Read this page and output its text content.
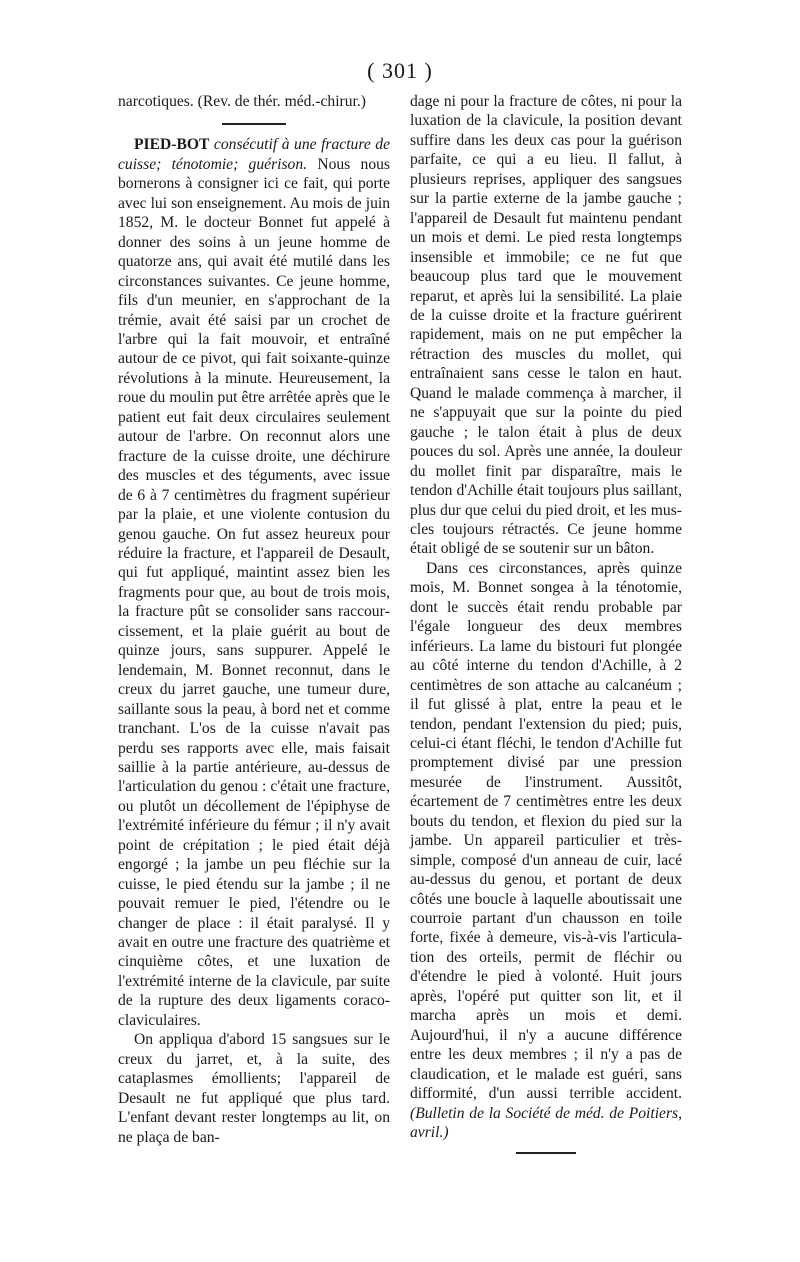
( 301 )

narcotiques. (Rev. de thér. méd.-chirur.)

PIED-BOT consécutif à une fracture de cuisse; ténotomie; guérison. Nous nous bornerons à consigner ici ce fait, qui porte avec lui son enseignement. Au mois de juin 1852, M. le docteur Bonnet fut appelé à donner des soins à un jeune homme de quatorze ans, qui avait été mutilé dans les circonstances suivantes. Ce jeune homme, fils d'un meunier, en s'approchant de la trémie, avait été saisi par un crochet de l'arbre qui la fait mouvoir, et entraîné autour de ce pivot, qui fait soixante-quinze révolutions à la minute. Heureusement, la roue du moulin put être arrêtée après que le patient eut fait deux circulaires seulement autour de l'arbre. On reconnut alors une fracture de la cuisse droite, une déchirure des muscles et des téguments, avec issue de 6 à 7 centimètres du fragment supérieur par la plaie, et une violente contusion du genou gauche. On fut assez heureux pour réduire la fracture, et l'appareil de Desault, qui fut appliqué, maintint assez bien les fragments pour que, au bout de trois mois, la fracture pût se consolider sans raccourcissement, et la plaie guérit au bout de quinze jours, sans suppurer. Appelé le lendemain, M. Bonnet reconnut, dans le creux du jarret gauche, une tumeur dure, saillante sous la peau, à bord net et comme tranchant. L'os de la cuisse n'avait pas perdu ses rapports avec elle, mais faisait saillie à la partie antérieure, au-dessus de l'articulation du genou : c'était une fracture, ou plutôt un décollement de l'épiphyse de l'extrémité inférieure du fémur ; il n'y avait point de crépitation ; le pied était déjà engorgé ; la jambe un peu fléchie sur la cuisse, le pied étendu sur la jambe ; il ne pouvait remuer le pied, l'étendre ou le changer de place : il était paralysé. Il y avait en outre une fracture des quatrième et cinquième côtes, et une luxation de l'extrémité interne de la clavicule, par suite de la rupture des deux ligaments coraco-claviculaires.

On appliqua d'abord 15 sangsues sur le creux du jarret, et, à la suite, des cataplasmes émollients; l'appareil de Desault ne fut appliqué que plus tard. L'enfant devant rester longtemps au lit, on ne plaça de ban-

dage ni pour la fracture de côtes, ni pour la luxation de la clavicule, la position devant suffire dans les deux cas pour la guérison parfaite, ce qui a eu lieu. Il fallut, à plusieurs reprises, appliquer des sangsues sur la partie externe de la jambe gauche ; l'appareil de Desault fut maintenu pendant un mois et demi. Le pied resta longtemps insensible et immobile; ce ne fut que beaucoup plus tard que le mouvement reparut, et après lui la sensibilité. La plaie de la cuisse droite et la fracture guérirent rapidement, mais on ne put empêcher la rétraction des muscles du mollet, qui entraînaient sans cesse le talon en haut. Quand le malade commença à marcher, il ne s'appuyait que sur la pointe du pied gauche ; le talon était à plus de deux pouces du sol. Après une année, la douleur du mollet finit par disparaître, mais le tendon d'Achille était toujours plus saillant, plus dur que celui du pied droit, et les muscles toujours rétractés. Ce jeune homme était obligé de se soutenir sur un bâton.

Dans ces circonstances, après quinze mois, M. Bonnet songea à la ténotomie, dont le succès était rendu probable par l'égale longueur des deux membres inférieurs. La lame du bistouri fut plongée au côté interne du tendon d'Achille, à 2 centimètres de son attache au calcanéum ; il fut glissé à plat, entre la peau et le tendon, pendant l'extension du pied; puis, celui-ci étant fléchi, le tendon d'Achille fut promptement divisé par une pression mesurée de l'instrument. Aussitôt, écartement de 7 centimètres entre les deux bouts du tendon, et flexion du pied sur la jambe. Un appareil particulier et très-simple, composé d'un anneau de cuir, lacé au-dessus du genou, et portant de deux côtés une boucle à laquelle aboutissait une courroie partant d'un chausson en toile forte, fixée à demeure, vis-à-vis l'articulation des orteils, permit de fléchir ou d'étendre le pied à volonté. Huit jours après, l'opéré put quitter son lit, et il marcha après un mois et demi. Aujourd'hui, il n'y a aucune différence entre les deux membres ; il n'y a pas de claudication, et le malade est guéri, sans difformité, d'un aussi terrible accident. (Bulletin de la Société de méd. de Poitiers, avril.)
